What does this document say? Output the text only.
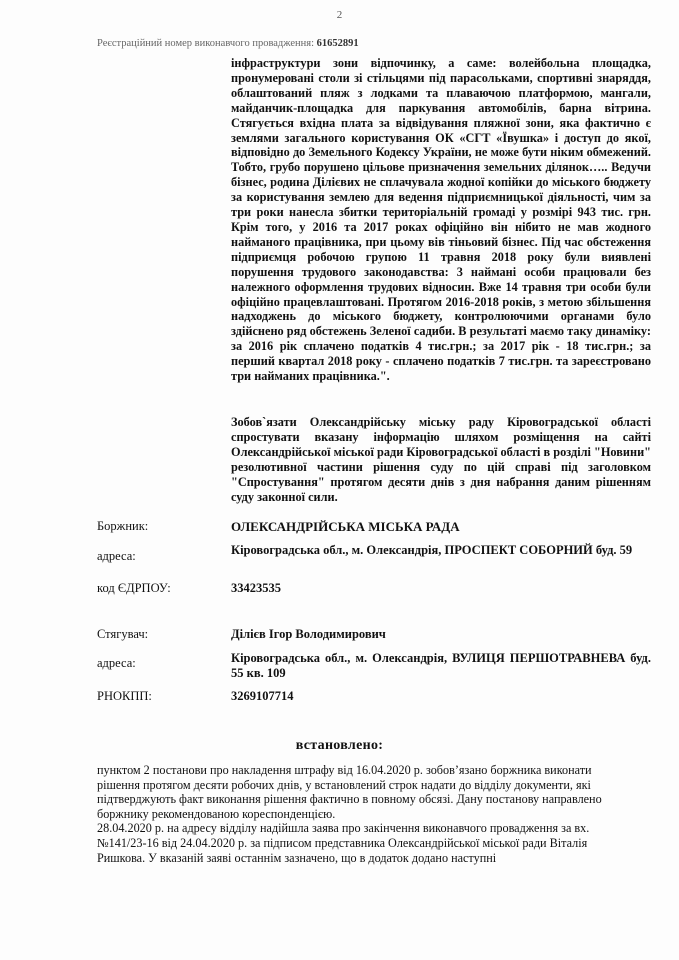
2
Реєстраційний номер виконавчого провадження: 61652891
інфраструктури зони відпочинку, а саме: волейбольна площадка, пронумеровані столи зі стільцями під парасольками, спортивні знаряддя, облаштований пляж з лодками та плаваючою платформою, мангали, майданчик-площадка для паркування автомобілів, барна вітрина. Стягується вхідна плата за відвідування пляжної зони, яка фактично є землями загального користування ОК «СГТ «Ївушка» і доступ до якої, відповідно до Земельного Кодексу України, не може бути ніким обмежений. Тобто, грубо порушено цільове призначення земельних ділянок….. Ведучи бізнес, родина Ділієвих не сплачувала жодної копійки до міського бюджету за користування землею для ведення підприємницької діяльності, чим за три роки нанесла збитки територіальній громаді у розмірі 943 тис. грн. Крім того, у 2016 та 2017 роках офіційно він нібито не мав жодного найманого працівника, при цьому вів тіньовий бізнес. Під час обстеження підприємця робочою групою 11 травня 2018 року були виявлені порушення трудового законодавства: 3 наймані особи працювали без належного оформлення трудових відносин. Вже 14 травня три особи були офіційно працевлаштовані. Протягом 2016-2018 років, з метою збільшення надходжень до міського бюджету, контролюючими органами було здійснено ряд обстежень Зеленої садиби. В результаті маємо таку динаміку: за 2016 рік сплачено податків 4 тис.грн.; за 2017 рік - 18 тис.грн.; за перший квартал 2018 року - сплачено податків 7 тис.грн. та зареєстровано три найманих працівника.".
Зобов`язати Олександрійську міську раду Кіровоградської області спростувати вказану інформацію шляхом розміщення на сайті Олександрійської міської ради Кіровоградської області в розділі "Новини" резолютивної частини рішення суду по цій справі під заголовком "Спростування" протягом десяти днів з дня набрання даним рішенням суду законної сили.
Боржник:	ОЛЕКСАНДРІЙСЬКА МІСЬКА РАДА
адреса:	Кіровоградська обл., м. Олександрія, ПРОСПЕКТ СОБОРНИЙ буд. 59
код ЄДРПОУ:	33423535
Стягувач:	Ділієв Ігор Володимирович
адреса:	Кіровоградська обл., м. Олександрія, ВУЛИЦЯ ПЕРШОТРАВНЕВА буд. 55 кв. 109
РНОКПП:	3269107714
встановлено:

пунктом 2 постанови про накладення штрафу від 16.04.2020 р. зобов’язано боржника виконати рішення протягом десяти робочих днів, у встановлений строк надати до відділу документи, які підтверджують факт виконання рішення фактично в повному обсязі. Дану постанову направлено боржнику рекомендованою кореспонденцією.

28.04.2020 р. на адресу відділу надійшла заява про закінчення виконавчого провадження за вх. №141/23-16 від 24.04.2020 р. за підписом представника Олександрійської міської ради Віталія Ришкова. У вказаній заяві останнім зазначено, що в додаток додано наступні
